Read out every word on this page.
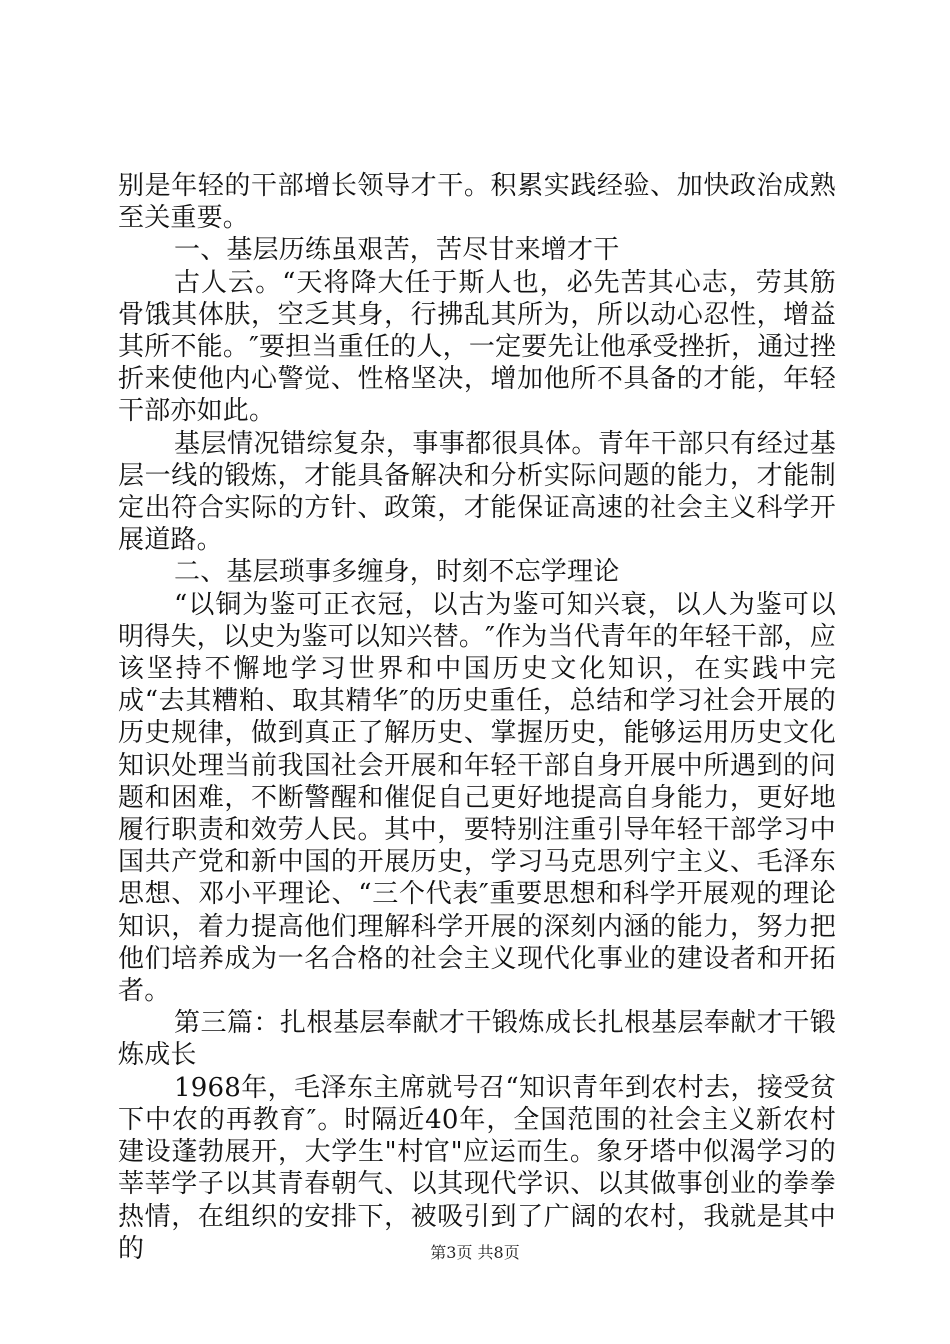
别是年轻的干部增长领导才干。积累实践经验、加快政治成熟至关重要。

一、基层历练虽艰苦，苦尽甘来增才干

古人云。“天将降大任于斯人也，必先苦其心志，劳其筋骨饿其体肤，空乏其身，行拂乱其所为，所以动心忍性，增益其所不能。″要担当重任的人，一定要先让他承受挫折，通过挫折来使他内心警觉、性格坚决，增加他所不具备的才能，年轻干部亦如此。

基层情况错综复杂，事事都很具体。青年干部只有经过基层一线的锻炼，才能具备解决和分析实际问题的能力，才能制定出符合实际的方针、政策，才能保证高速的社会主义科学开展道路。

二、基层琐事多缠身，时刻不忘学理论

“以铜为鉴可正衣冠，以古为鉴可知兴衰，以人为鉴可以明得失，以史为鉴可以知兴替。″作为当代青年的年轻干部，应该坚持不懈地学习世界和中国历史文化知识，在实践中完成“去其糟粕、取其精华″的历史重任，总结和学习社会开展的历史规律，做到真正了解历史、掌握历史，能够运用历史文化知识处理当前我国社会开展和年轻干部自身开展中所遇到的问题和困难，不断警醒和催促自己更好地提高自身能力，更好地履行职责和效劳人民。其中，要特别注重引导年轻干部学习中国共产党和新中国的开展历史，学习马克思列宁主义、毛泽东思想、邓小平理论、“三个代表″重要思想和科学开展观的理论知识，着力提高他们理解科学开展的深刻内涵的能力，努力把他们培养成为一名合格的社会主义现代化事业的建设者和开拓者。

第三篇：扎根基层奉献才干锻炼成长扎根基层奉献才干锻炼成长

1968年，毛泽东主席就号召“知识青年到农村去，接受贫下中农的再教育″。时隔近40年，全国范围的社会主义新农村建设蓬勃展开，大学生"村官"应运而生。象牙塔中似渴学习的莘莘学子以其青春朝气、以其现代学识、以其做事创业的拳拳热情，在组织的安排下，被吸引到了广阔的农村，我就是其中的	第3页 共8页
